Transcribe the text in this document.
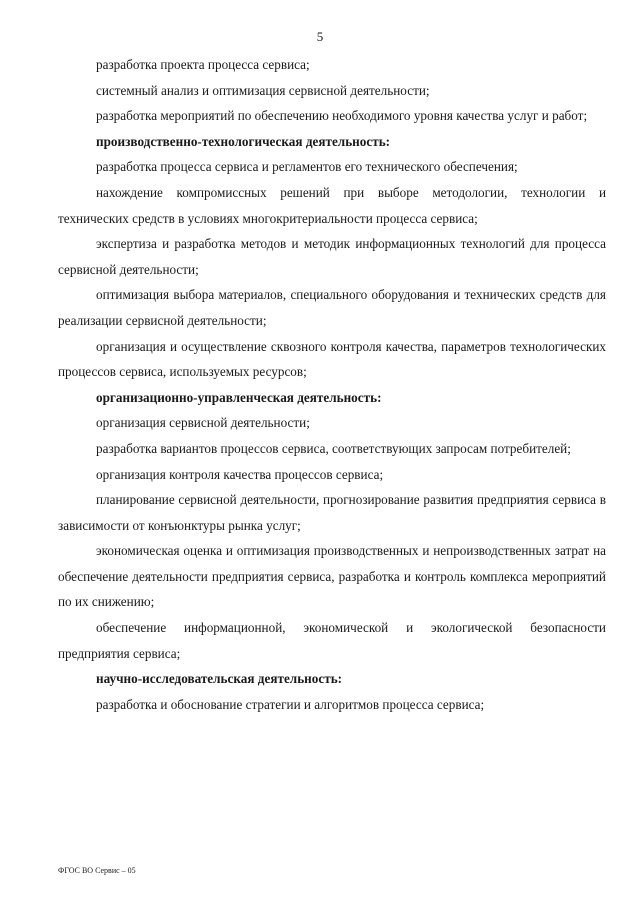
5

разработка проекта процесса сервиса;

системный анализ и оптимизация сервисной деятельности;

разработка мероприятий по обеспечению необходимого уровня качества услуг и работ;

производственно-технологическая деятельность:

разработка процесса сервиса и регламентов его технического обеспечения;

нахождение компромиссных решений при выборе методологии, технологии и технических средств в условиях многокритериальности процесса сервиса;

экспертиза и разработка методов и методик информационных технологий для процесса сервисной деятельности;

оптимизация выбора материалов, специального оборудования и технических средств для реализации сервисной деятельности;

организация и осуществление сквозного контроля качества, параметров технологических процессов сервиса, используемых ресурсов;

организационно-управленческая деятельность:

организация сервисной деятельности;

разработка вариантов процессов сервиса, соответствующих запросам потребителей;

организация контроля качества процессов сервиса;

планирование сервисной деятельности, прогнозирование развития предприятия сервиса в зависимости от конъюнктуры рынка услуг;

экономическая оценка и оптимизация производственных и непроизводственных затрат на обеспечение деятельности предприятия сервиса, разработка и контроль комплекса мероприятий по их снижению;

обеспечение информационной, экономической и экологической безопасности предприятия сервиса;

научно-исследовательская деятельность:

разработка и обоснование стратегии и алгоритмов процесса сервиса;

ФГОС ВО Сервис – 05
